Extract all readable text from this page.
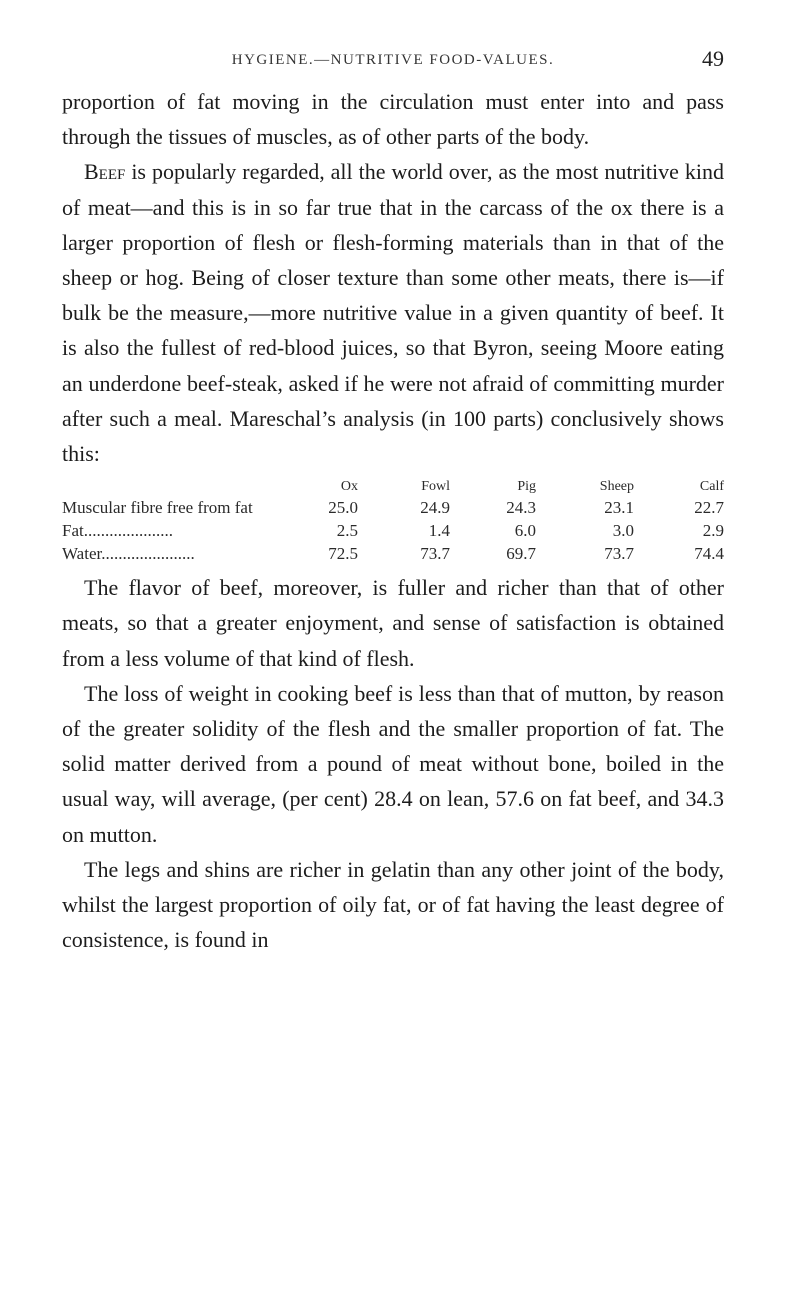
HYGIENE.—NUTRITIVE FOOD-VALUES.	49

proportion of fat moving in the circulation must enter into and pass through the tissues of muscles, as of other parts of the body.

Beef is popularly regarded, all the world over, as the most nutritive kind of meat—and this is in so far true that in the carcass of the ox there is a larger proportion of flesh or flesh-forming materials than in that of the sheep or hog. Being of closer texture than some other meats, there is—if bulk be the measure,—more nutritive value in a given quantity of beef. It is also the fullest of red-blood juices, so that Byron, seeing Moore eating an underdone beef-steak, asked if he were not afraid of committing murder after such a meal. Mareschal’s analysis (in 100 parts) conclusively shows this:

	Ox	Fowl	Pig	Sheep	Calf
Muscular fibre free from fat	25.0	24.9	24.3	23.1	22.7
Fat.....................	2.5	1.4	6.0	3.0	2.9
Water......................	72.5	73.7	69.7	73.7	74.4

The flavor of beef, moreover, is fuller and richer than that of other meats, so that a greater enjoyment, and sense of satisfaction is obtained from a less volume of that kind of flesh.

The loss of weight in cooking beef is less than that of mutton, by reason of the greater solidity of the flesh and the smaller proportion of fat. The solid matter derived from a pound of meat without bone, boiled in the usual way, will average, (per cent) 28.4 on lean, 57.6 on fat beef, and 34.3 on mutton.

The legs and shins are richer in gelatin than any other joint of the body, whilst the largest proportion of oily fat, or of fat having the least degree of consistence, is found in
